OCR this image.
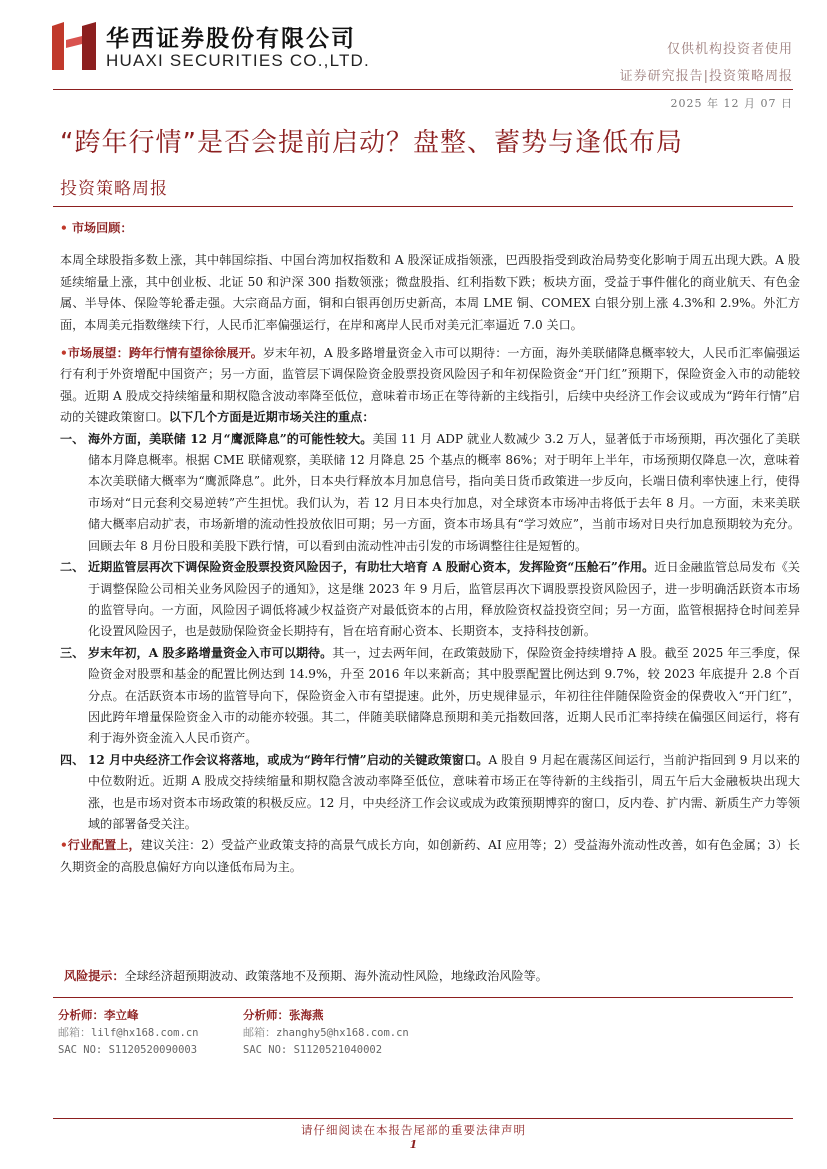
华西证券股份有限公司
HUAXI SECURITIES CO.,LTD.
仅供机构投资者使用
证券研究报告|投资策略周报
2025 年 12 月 07 日
“跨年行情”是否会提前启动？盘整、蓄势与逢低布局
投资策略周报
• 市场回顾：

本周全球股指多数上涨，其中韩国综指、中国台湾加权指数和 A 股深证成指领涨，巴西股指受到政治局势变化影响于周五出现大跌。A 股延续缩量上涨，其中创业板、北证 50 和沪深 300 指数领涨；微盘股指、红利指数下跌；板块方面，受益于事件催化的商业航天、有色金属、半导体、保险等轮番走强。大宗商品方面，铜和白银再创历史新高，本周 LME 铜、COMEX 白银分别上涨 4.3%和 2.9%。外汇方面，本周美元指数继续下行，人民币汇率偏强运行，在岸和离岸人民币对美元汇率逼近 7.0 关口。

•市场展望：跨年行情有望徐徐展开。岁末年初，A 股多路增量资金入市可以期待：一方面，海外美联储降息概率较大，人民币汇率偏强运行有利于外资增配中国资产；另一方面，监管层下调保险资金股票投资风险因子和年初保险资金“开门红”预期下，保险资金入市的动能较强。近期 A 股成交持续缩量和期权隐含波动率降至低位，意味着市场正在等待新的主线指引，后续中央经济工作会议或成为“跨年行情”启动的关键政策窗口。以下几个方面是近期市场关注的重点：

一、 海外方面，美联储 12 月“鹰派降息”的可能性较大。美国 11 月 ADP 就业人数减少 3.2 万人，显著低于市场预期，再次强化了美联储本月降息概率。根据 CME 联储观察，美联储 12 月降息 25 个基点的概率 86%；对于明年上半年，市场预期仅降息一次，意味着本次美联储大概率为“鹰派降息”。此外，日本央行释放本月加息信号，指向美日货币政策进一步反向，长端日债利率快速上行，使得市场对“日元套利交易逆转”产生担忧。我们认为，若 12 月日本央行加息，对全球资本市场冲击将低于去年 8 月。一方面，未来美联储大概率启动扩表，市场新增的流动性投放依旧可期；另一方面，资本市场具有“学习效应”，当前市场对日央行加息预期较为充分。回顾去年 8 月份日股和美股下跌行情，可以看到由流动性冲击引发的市场调整往往是短暂的。

二、 近期监管层再次下调保险资金股票投资风险因子，有助壮大培育 A 股耐心资本，发挥险资“压舱石”作用。近日金融监管总局发布《关于调整保险公司相关业务风险因子的通知》，这是继 2023 年 9 月后，监管层再次下调股票投资风险因子，进一步明确活跃资本市场的监管导向。一方面，风险因子调低将减少权益资产对最低资本的占用，释放险资权益投资空间；另一方面，监管根据持仓时间差异化设置风险因子，也是鼓励保险资金长期持有，旨在培育耐心资本、长期资本，支持科技创新。

三、 岁末年初，A 股多路增量资金入市可以期待。其一，过去两年间，在政策鼓励下，保险资金持续增持 A 股。截至 2025 年三季度，保险资金对股票和基金的配置比例达到 14.9%，升至 2016 年以来新高；其中股票配置比例达到 9.7%，较 2023 年底提升 2.8 个百分点。在活跃资本市场的监管导向下，保险资金入市有望提速。此外，历史规律显示，年初往往伴随保险资金的保费收入“开门红”，因此跨年增量保险资金入市的动能亦较强。其二，伴随美联储降息预期和美元指数回落，近期人民币汇率持续在偏强区间运行，将有利于海外资金流入人民币资产。

四、 12 月中央经济工作会议将落地，或成为“跨年行情”启动的关键政策窗口。A 股自 9 月起在震荡区间运行，当前沪指回到 9 月以来的中位数附近。近期 A 股成交持续缩量和期权隐含波动率降至低位，意味着市场正在等待新的主线指引，周五午后大金融板块出现大涨，也是市场对资本市场政策的积极反应。12 月，中央经济工作会议或成为政策预期博弈的窗口，反内卷、扩内需、新质生产力等领域的部署备受关注。

•行业配置上，建议关注：2）受益产业政策支持的高景气成长方向，如创新药、AI 应用等；2）受益海外流动性改善，如有色金属；3）长久期资金的高股息偏好方向以逢低布局为主。

风险提示：全球经济超预期波动、政策落地不及预期、海外流动性风险，地缘政治风险等。
分析师：李立峰
邮箱：lilf@hx168.com.cn
SAC NO: S1120520090003
分析师：张海燕
邮箱：zhanghy5@hx168.com.cn
SAC NO: S1120521040002
请仔细阅读在本报告尾部的重要法律声明
1
